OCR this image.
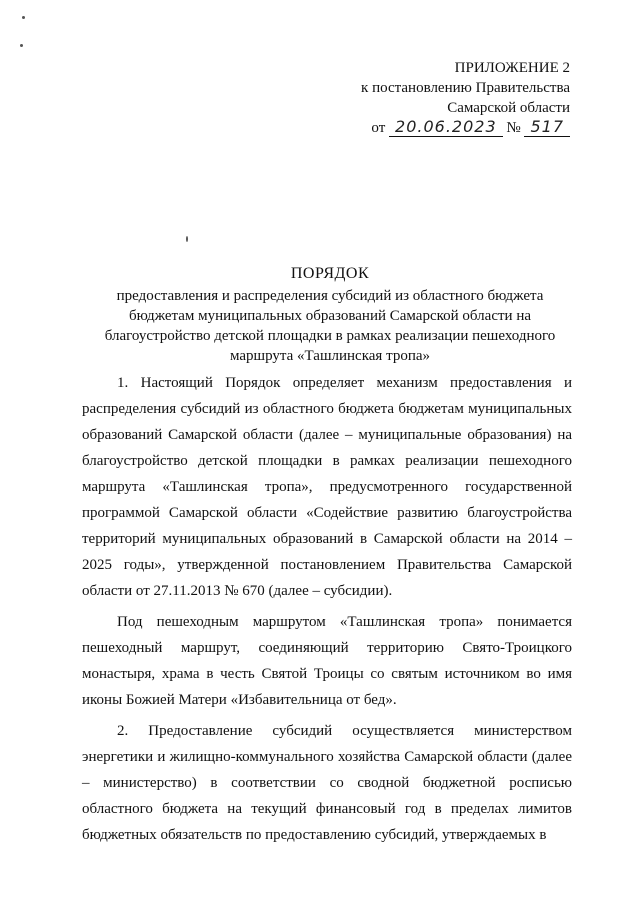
ПРИЛОЖЕНИЕ 2
к постановлению Правительства
Самарской области
от 20.06.2023 № 517
ПОРЯДОК
предоставления и распределения субсидий из областного бюджета
бюджетам муниципальных образований Самарской области на
благоустройство детской площадки в рамках реализации пешеходного
маршрута «Ташлинская тропа»

1. Настоящий Порядок определяет механизм предоставления и распределения субсидий из областного бюджета бюджетам муниципальных образований Самарской области (далее – муниципальные образования) на благоустройство детской площадки в рамках реализации пешеходного маршрута «Ташлинская тропа», предусмотренного государственной программой Самарской области «Содействие развитию благоустройства территорий муниципальных образований в Самарской области на 2014 – 2025 годы», утвержденной постановлением Правительства Самарской области от 27.11.2013 № 670 (далее – субсидии).

Под пешеходным маршрутом «Ташлинская тропа» понимается пешеходный маршрут, соединяющий территорию Свято-Троицкого монастыря, храма в честь Святой Троицы со святым источником во имя иконы Божией Матери «Избавительница от бед».

2. Предоставление субсидий осуществляется министерством энергетики и жилищно-коммунального хозяйства Самарской области (далее – министерство) в соответствии со сводной бюджетной росписью областного бюджета на текущий финансовый год в пределах лимитов бюджетных обязательств по предоставлению субсидий, утверждаемых в
